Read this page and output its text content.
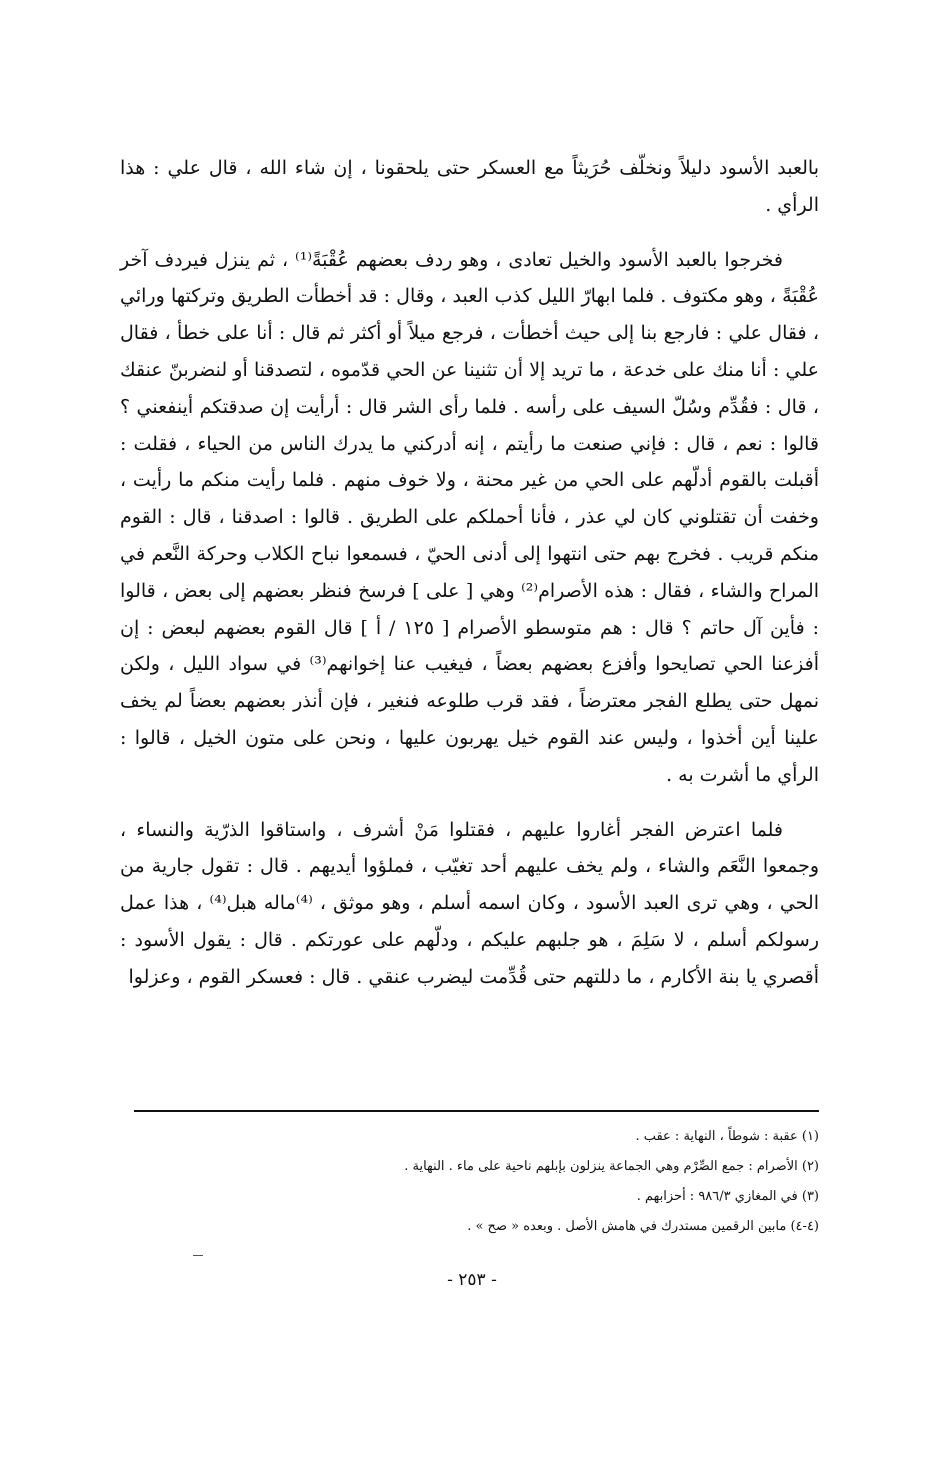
بالعبد الأسود دليلاً ونخلّف حُرَيثاً مع العسكر حتى يلحقونا ، إن شاء الله ، قال علي : هذا الرأي .

فخرجوا بالعبد الأسود والخيل تعادى ، وهو ردف بعضهم عُقْبَةً⁽¹⁾ ، ثم ينزل فيردف آخر عُقْبَةً ، وهو مكتوف . فلما ابهارّ الليل كذب العبد ، وقال : قد أخطأت الطريق وتركتها ورائي ، فقال علي : فارجع بنا إلى حيث أخطأت ، فرجع ميلاً أو أكثر ثم قال : أنا على خطأ ، فقال علي : أنا منك على خدعة ، ما تريد إلا أن تثنينا عن الحي قدّموه ، لتصدقنا أو لنضربنّ عنقك ، قال : فقُدِّم وسُلّ السيف على رأسه . فلما رأى الشر قال : أرأيت إن صدقتكم أينفعني ؟ قالوا : نعم ، قال : فإني صنعت ما رأيتم ، إنه أدركني ما يدرك الناس من الحياء ، فقلت : أقبلت بالقوم أدلّهم على الحي من غير محنة ، ولا خوف منهم . فلما رأيت منكم ما رأيت ، وخفت أن تقتلوني كان لي عذر ، فأنا أحملكم على الطريق . قالوا : اصدقنا ، قال : القوم منكم قريب . فخرج بهم حتى انتهوا إلى أدنى الحيّ ، فسمعوا نباح الكلاب وحركة النَّعم في المراح والشاء ، فقال : هذه الأصرام⁽²⁾ وهي [ على ] فرسخ فنظر بعضهم إلى بعض ، قالوا : فأين آل حاتم ؟ قال : هم متوسطو الأصرام [ ١٢٥ / أ ] قال القوم بعضهم لبعض : إن أفزعنا الحي تصايحوا وأفزع بعضهم بعضاً ، فيغيب عنا إخوانهم⁽³⁾ في سواد الليل ، ولكن نمهل حتى يطلع الفجر معترضاً ، فقد قرب طلوعه فنغير ، فإن أنذر بعضهم بعضاً لم يخف علينا أين أخذوا ، وليس عند القوم خيل يهربون عليها ، ونحن على متون الخيل ، قالوا : الرأي ما أشرت به .

فلما اعترض الفجر أغاروا عليهم ، فقتلوا مَنْ أشرف ، واستاقوا الذرّية والنساء ، وجمعوا النَّعَم والشاء ، ولم يخف عليهم أحد تغيّب ، فملؤوا أيديهم . قال : تقول جارية من الحي ، وهي ترى العبد الأسود ، وكان اسمه أسلم ، وهو موثق ، ⁽⁴⁾ماله هبل⁽⁴⁾ ، هذا عمل رسولكم أسلم ، لا سَلِمَ ، هو جلبهم عليكم ، ودلّهم على عورتكم . قال : يقول الأسود : أقصري يا بنة الأكارم ، ما دللتهم حتى قُدِّمت ليضرب عنقي . قال : فعسكر القوم ، وعزلوا

(١) عقبة : شوطاً ، النهاية : عقب .

(٢) الأصرام : جمع الصِّرْم وهي الجماعة ينزلون بإبلهم ناحية على ماء . النهاية .

(٣) في المغازي ٩٨٦/٣ : أحزابهم .

(٤-٤) مابين الرقمين مستدرك في هامش الأصل . وبعده « صح » .

- ٢٥٣ -
